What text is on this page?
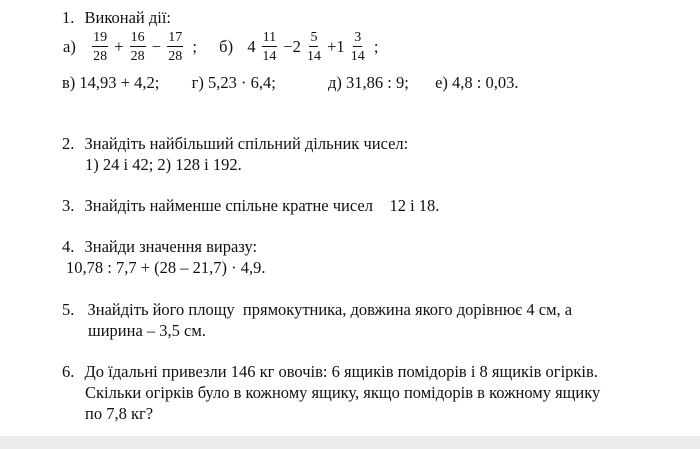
1. Виконай дії:
$а) \frac{19}{28} + \frac{16}{28} - \frac{17}{28}$ ; б) $4 \frac{11}{14} -2 \frac{5}{14} +1 \frac{3}{14}$ ;
в) 14,93 + 4,2; г) 5,23 · 6,4;	д) 31,86 : 9; е) 4,8 : 0,03.
2. Знайдіть найбільший спільний дільник чисел:
1) 24 і 42; 2) 128 і 192.
3. Знайдіть найменше спільне кратне чисел    12 і 18.
4. Знайди значення виразу:
10,78 : 7,7 + (28 – 21,7) · 4,9.
5. Знайдіть його площу  прямокутника, довжина якого дорівнює 4 см, а
ширина – 3,5 см.
6. До їдальні привезли 146 кг овочів: 6 ящиків помідорів і 8 ящиків огірків.
Скільки огірків було в кожному ящику, якщо помідорів в кожному ящику
по 7,8 кг?
